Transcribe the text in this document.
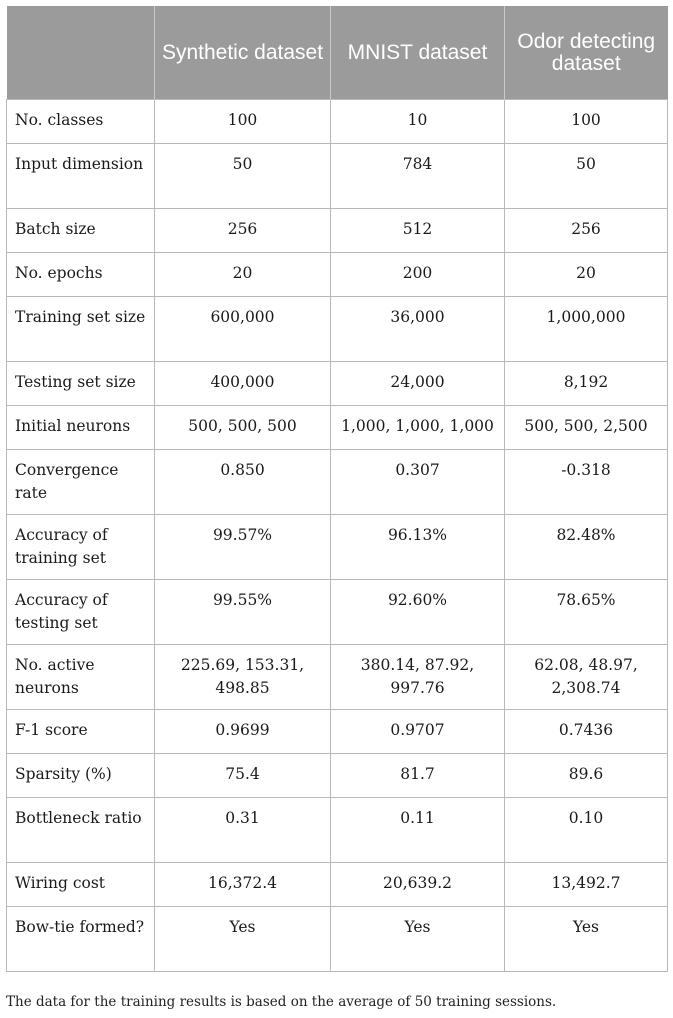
	Synthetic dataset	MNIST dataset	Odor detecting dataset
No. classes	100	10	100
Input dimension	50	784	50
Batch size	256	512	256
No. epochs	20	200	20
Training set size	600,000	36,000	1,000,000
Testing set size	400,000	24,000	8,192
Initial neurons	500, 500, 500	1,000, 1,000, 1,000	500, 500, 2,500
Convergence rate	0.850	0.307	-0.318
Accuracy of training set	99.57%	96.13%	82.48%
Accuracy of testing set	99.55%	92.60%	78.65%
No. active neurons	225.69, 153.31, 498.85	380.14, 87.92, 997.76	62.08, 48.97, 2,308.74
F-1 score	0.9699	0.9707	0.7436
Sparsity (%)	75.4	81.7	89.6
Bottleneck ratio	0.31	0.11	0.10
Wiring cost	16,372.4	20,639.2	13,492.7
Bow-tie formed?	Yes	Yes	Yes
The data for the training results is based on the average of 50 training sessions.
